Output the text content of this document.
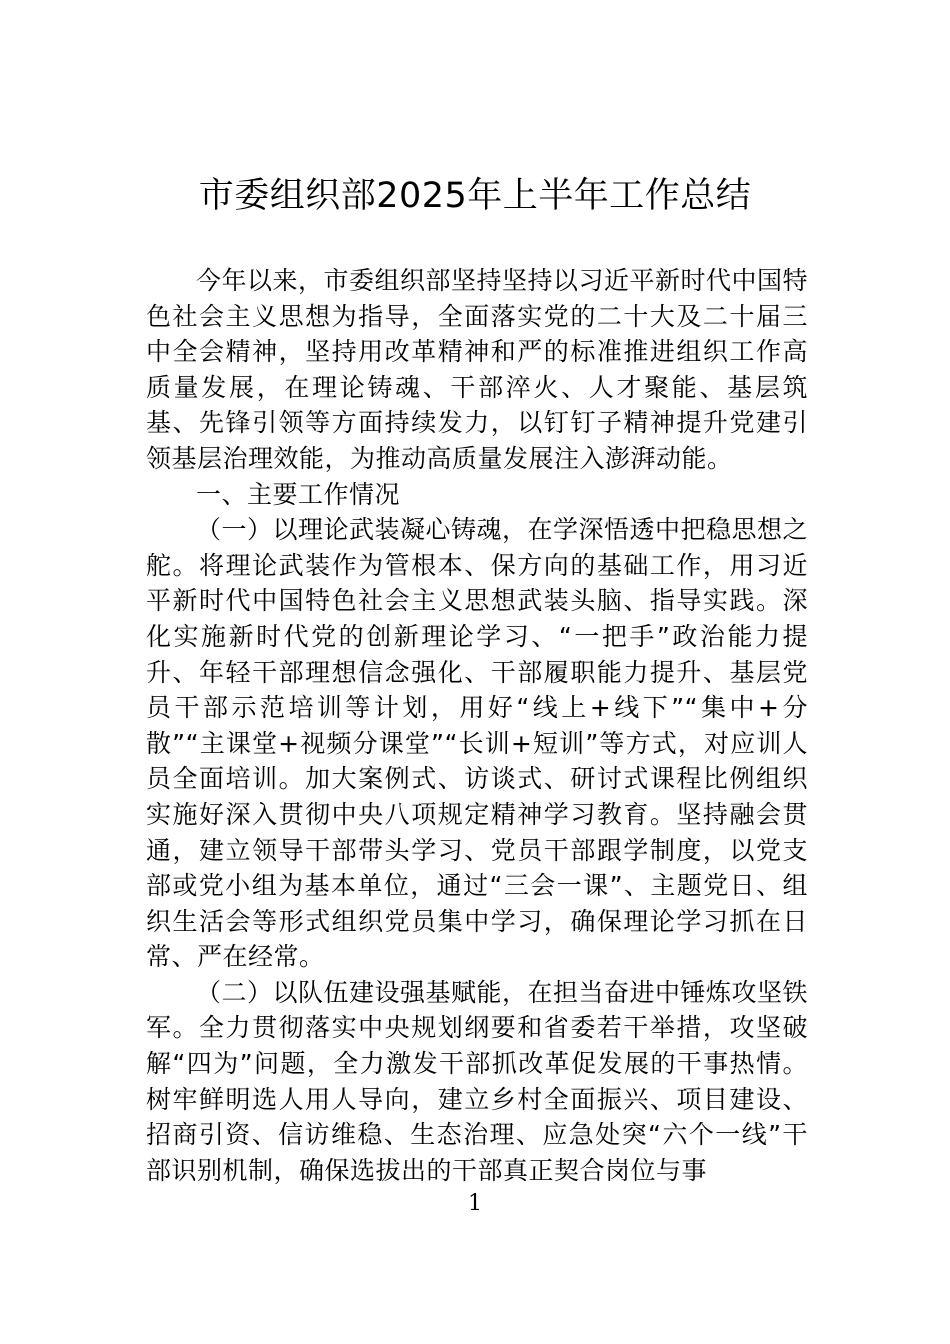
市委组织部2025年上半年工作总结

今年以来，市委组织部坚持坚持以习近平新时代中国特色社会主义思想为指导，全面落实党的二十大及二十届三中全会精神，坚持用改革精神和严的标准推进组织工作高质量发展，在理论铸魂、干部淬火、人才聚能、基层筑基、先锋引领等方面持续发力，以钉钉子精神提升党建引领基层治理效能，为推动高质量发展注入澎湃动能。

一、主要工作情况

（一）以理论武装凝心铸魂，在学深悟透中把稳思想之舵。将理论武装作为管根本、保方向的基础工作，用习近平新时代中国特色社会主义思想武装头脑、指导实践。深化实施新时代党的创新理论学习、“一把手”政治能力提升、年轻干部理想信念强化、干部履职能力提升、基层党员干部示范培训等计划，用好“线上+线下”“集中+分散”“主课堂+视频分课堂”“长训+短训”等方式，对应训人员全面培训。加大案例式、访谈式、研讨式课程比例组织实施好深入贯彻中央八项规定精神学习教育。坚持融会贯通，建立领导干部带头学习、党员干部跟学制度，以党支部或党小组为基本单位，通过“三会一课”、主题党日、组织生活会等形式组织党员集中学习，确保理论学习抓在日常、严在经常。

（二）以队伍建设强基赋能，在担当奋进中锤炼攻坚铁军。全力贯彻落实中央规划纲要和省委若干举措，攻坚破解“四为”问题，全力激发干部抓改革促发展的干事热情。树牢鲜明选人用人导向，建立乡村全面振兴、项目建设、招商引资、信访维稳、生态治理、应急处突“六个一线”干部识别机制，确保选拔出的干部真正契合岗位与事

1
